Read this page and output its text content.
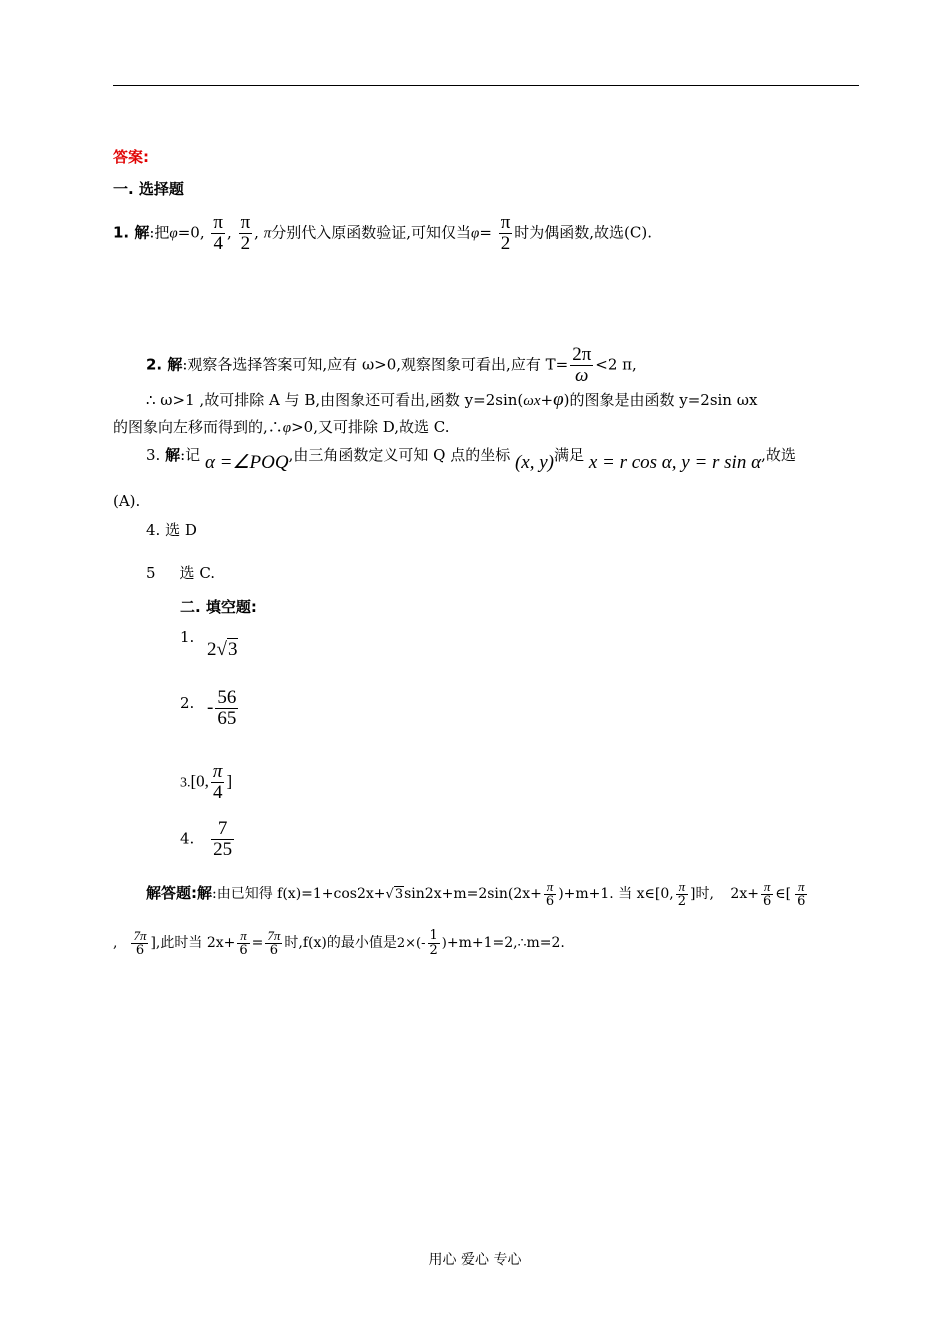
答案:
一. 选择题
1. 解:把φ=0, $\frac{\pi}{4}$ , $\frac{\pi}{2}$ , π分别代入原函数验证,可知仅当$\varphi= \frac{\pi}{2}$ 时为偶函数,故选(C).
2. 解:观察各选择答案可知,应有 ω>0,观察图象可看出,应有 $T= \frac{2\pi}{\omega} <2$ π,
∴ ω>1 ,故可排除 A 与 B,由图象还可看出,函数 y=2sin(ωx+φ)的图象是由函数 y=2sin ωx
的图象向左移而得到的,∴φ>0,又可排除 D,故选 C.
3. 解:记 α =∠POQ,由三角函数定义可知 Q 点的坐标 (x, y)满足 x = r cos α, y = r sin α,故选
(A).
4. 选 D
5 选 C.
二. 填空题:
1.
2√3
2. - $\frac{56}{65}$
3.[0, $\frac{\pi}{4}$ ]
4. $\frac{7}{25}$
解答题:解:由已知得 $f(x)=1+\cos 2x+√3\sin 2x+m=2\sin(2x+ \frac{\pi}{6} )+m+1$. 当 x∈[0, $\frac{\pi}{2}$ ]时, $2x+ \frac{\pi}{6}$ ∈[ $\frac{\pi}{6}$
, $\frac{7\pi}{6}$ ],此时当 $2x+ \frac{\pi}{6} = \frac{7\pi}{6}$ 时,f(x)的最小值是$2\times(- \frac{1}{2}$ )+m+1=2,∴m=2.
用心 爱心 专心
